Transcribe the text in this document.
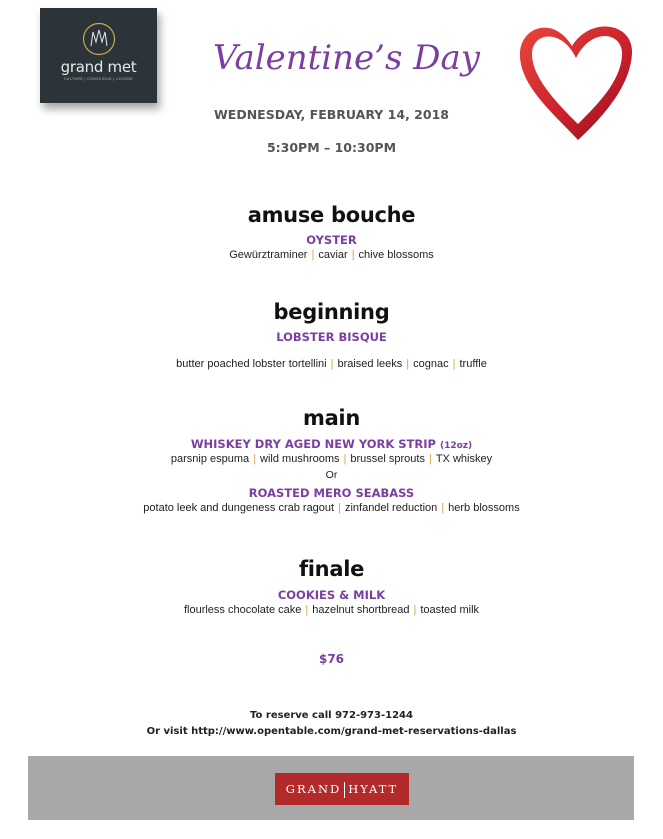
grand met
CULTURE | CONSCIOUS | CUISINE
Valentine’s Day
WEDNESDAY, FEBRUARY 14, 2018
5:30PM – 10:30PM
amuse bouche
OYSTER
Gewürztraminer | caviar | chive blossoms
beginning
LOBSTER BISQUE
butter poached lobster tortellini | braised leeks | cognac | truffle
main
WHISKEY DRY AGED NEW YORK STRIP (12oz)
parsnip espuma | wild mushrooms | brussel sprouts | TX whiskey
Or
ROASTED MERO SEABASS
potato leek and dungeness crab ragout | zinfandel reduction | herb blossoms
finale
COOKIES & MILK
flourless chocolate cake | hazelnut shortbread | toasted milk
$76
To reserve call 972-973-1244
Or visit http://www.opentable.com/grand-met-reservations-dallas
GRAND HYATT
